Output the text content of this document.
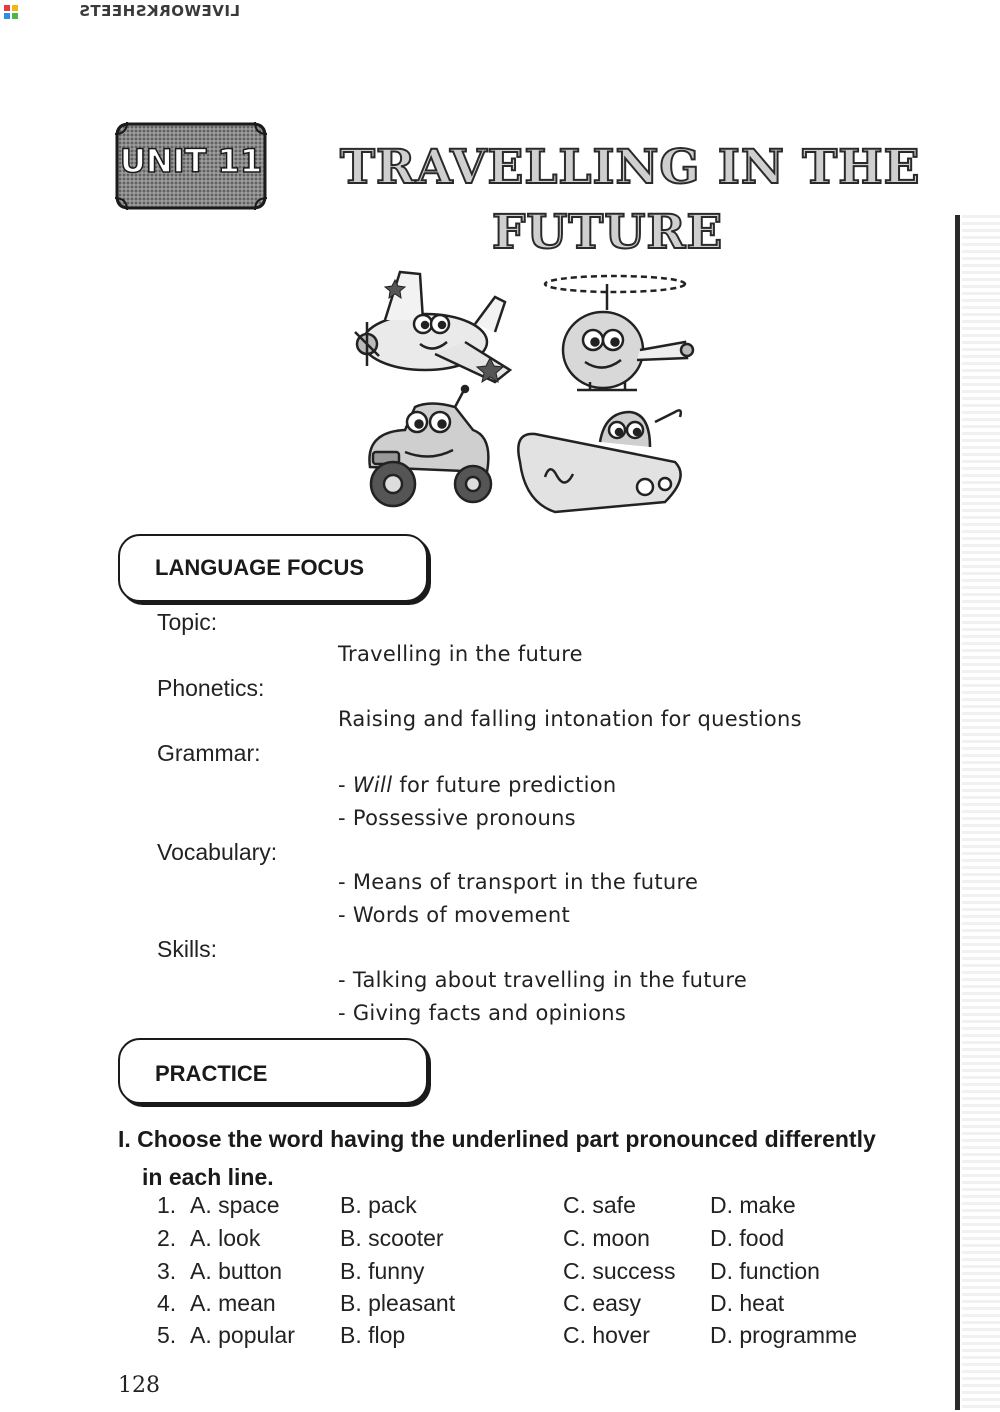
LIVEWORKSHEETS
UNIT 11 TRAVELLING IN THE
FUTURE
LANGUAGE FOCUS
Topic:
Travelling in the future
Phonetics:
Raising and falling intonation for questions
Grammar:
- Will for future prediction
- Possessive pronouns
Vocabulary:
- Means of transport in the future
- Words of movement
Skills:
- Talking about travelling in the future
- Giving facts and opinions
PRACTICE
I. Choose the word having the underlined part pronounced differently
in each line.
1. A. space	B. pack	C. safe	D. make
2. A. look	B. scooter	C. moon	D. food
3. A. button	B. funny	C. success D. function
4. A. mean	B. pleasant	C. easy	D. heat
5. A. popular B. flop	C. hover	D. programme
128
